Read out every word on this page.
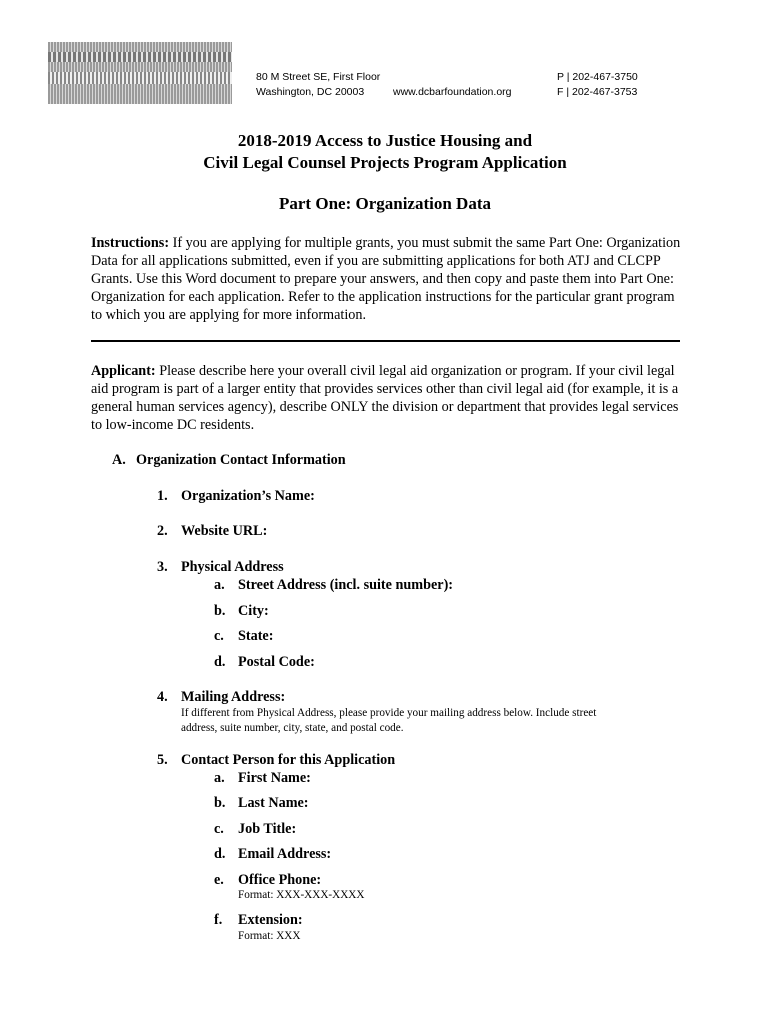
80 M Street SE, First Floor
Washington, DC 20003	www.dcbarfoundation.org
P | 202-467-3750
F | 202-467-3753
2018-2019 Access to Justice Housing and
Civil Legal Counsel Projects Program Application
Part One: Organization Data
Instructions: If you are applying for multiple grants, you must submit the same Part One: Organization Data for all applications submitted, even if you are submitting applications for both ATJ and CLCPP Grants. Use this Word document to prepare your answers, and then copy and paste them into Part One: Organization for each application. Refer to the application instructions for the particular grant program to which you are applying for more information.
Applicant: Please describe here your overall civil legal aid organization or program. If your civil legal aid program is part of a larger entity that provides services other than civil legal aid (for example, it is a general human services agency), describe ONLY the division or department that provides legal services to low-income DC residents.
A. Organization Contact Information
1. Organization’s Name:
2. Website URL:
3. Physical Address
a. Street Address (incl. suite number):
b. City:
c. State:
d. Postal Code:
4. Mailing Address:
If different from Physical Address, please provide your mailing address below. Include street
address, suite number, city, state, and postal code.
5. Contact Person for this Application
a. First Name:
b. Last Name:
c. Job Title:
d. Email Address:
e. Office Phone:
Format: XXX-XXX-XXXX
f. Extension:
Format: XXX
